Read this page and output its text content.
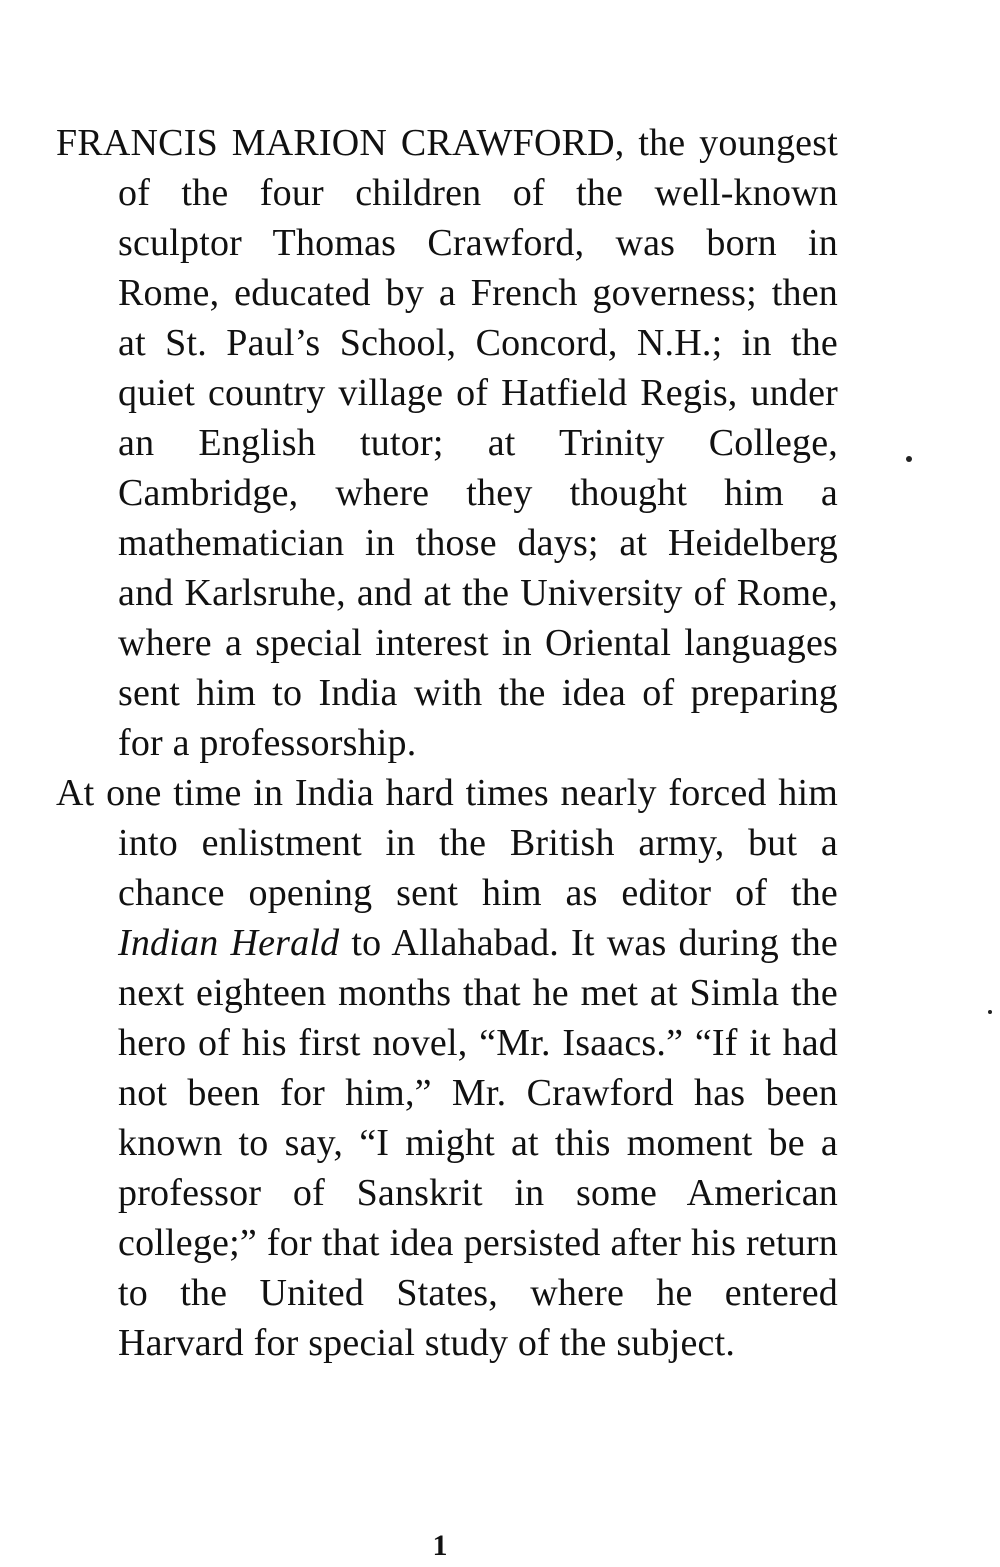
FRANCIS MARION CRAWFORD, the youngest of the four children of the well-known sculptor Thomas Crawford, was born in Rome, educated by a French governess; then at St. Paul’s School, Concord, N.H.; in the quiet country village of Hatfield Regis, under an English tutor; at Trinity College, Cambridge, where they thought him a mathematician in those days; at Heidelberg and Karlsruhe, and at the University of Rome, where a special interest in Oriental languages sent him to India with the idea of preparing for a professorship.

At one time in India hard times nearly forced him into enlistment in the British army, but a chance opening sent him as editor of the Indian Herald to Allahabad. It was during the next eighteen months that he met at Simla the hero of his first novel, “Mr. Isaacs.” “If it had not been for him,” Mr. Crawford has been known to say, “I might at this moment be a professor of Sanskrit in some American college;” for that idea persisted after his return to the United States, where he entered Harvard for special study of the subject.

1
